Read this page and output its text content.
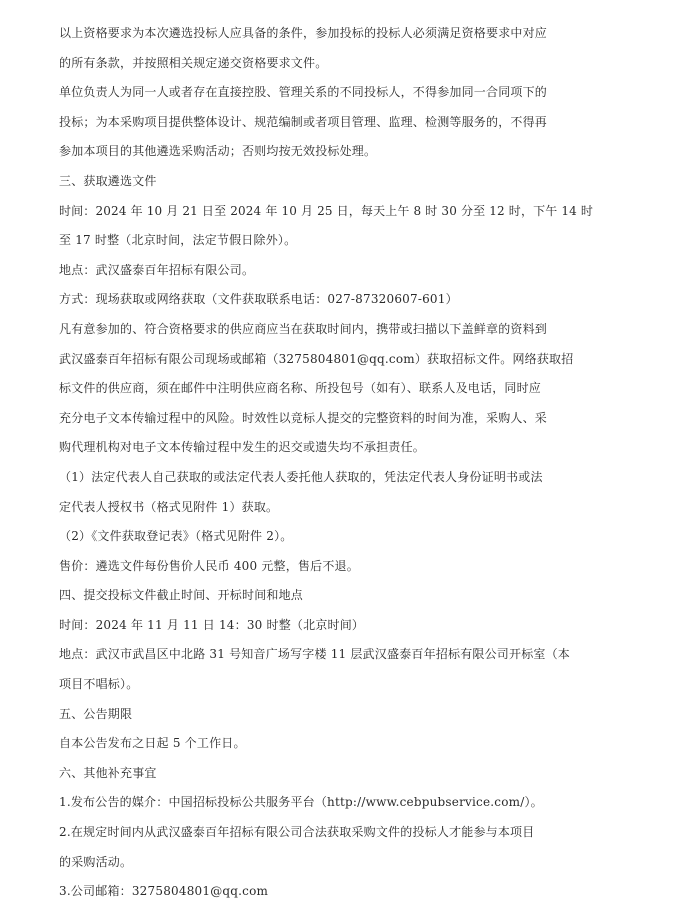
以上资格要求为本次遴选投标人应具备的条件，参加投标的投标人必须满足资格要求中对应
的所有条款，并按照相关规定递交资格要求文件。
单位负责人为同一人或者存在直接控股、管理关系的不同投标人，不得参加同一合同项下的
投标；为本采购项目提供整体设计、规范编制或者项目管理、监理、检测等服务的，不得再
参加本项目的其他遴选采购活动；否则均按无效投标处理。
三、获取遴选文件
时间：2024 年 10 月 21 日至 2024 年 10 月 25 日，每天上午 8 时 30 分至 12 时，下午 14 时
至 17 时整（北京时间，法定节假日除外）。
地点：武汉盛泰百年招标有限公司。
方式：现场获取或网络获取（文件获取联系电话：027-87320607-601）
凡有意参加的、符合资格要求的供应商应当在获取时间内，携带或扫描以下盖鲜章的资料到
武汉盛泰百年招标有限公司现场或邮箱（3275804801@qq.com）获取招标文件。网络获取招
标文件的供应商，须在邮件中注明供应商名称、所投包号（如有）、联系人及电话，同时应
充分电子文本传输过程中的风险。时效性以竞标人提交的完整资料的时间为准，采购人、采
购代理机构对电子文本传输过程中发生的迟交或遗失均不承担责任。
（1）法定代表人自己获取的或法定代表人委托他人获取的，凭法定代表人身份证明书或法
定代表人授权书（格式见附件 1）获取。
（2）《文件获取登记表》（格式见附件 2）。
售价：遴选文件每份售价人民币 400 元整，售后不退。
四、提交投标文件截止时间、开标时间和地点
时间：2024 年 11 月 11 日 14：30 时整（北京时间）
地点：武汉市武昌区中北路 31 号知音广场写字楼 11 层武汉盛泰百年招标有限公司开标室（本
项目不唱标）。
五、公告期限
自本公告发布之日起 5 个工作日。
六、其他补充事宜
1.发布公告的媒介：中国招标投标公共服务平台（http://www.cebpubservice.com/）。
2.在规定时间内从武汉盛泰百年招标有限公司合法获取采购文件的投标人才能参与本项目
的采购活动。
3.公司邮箱：3275804801@qq.com
